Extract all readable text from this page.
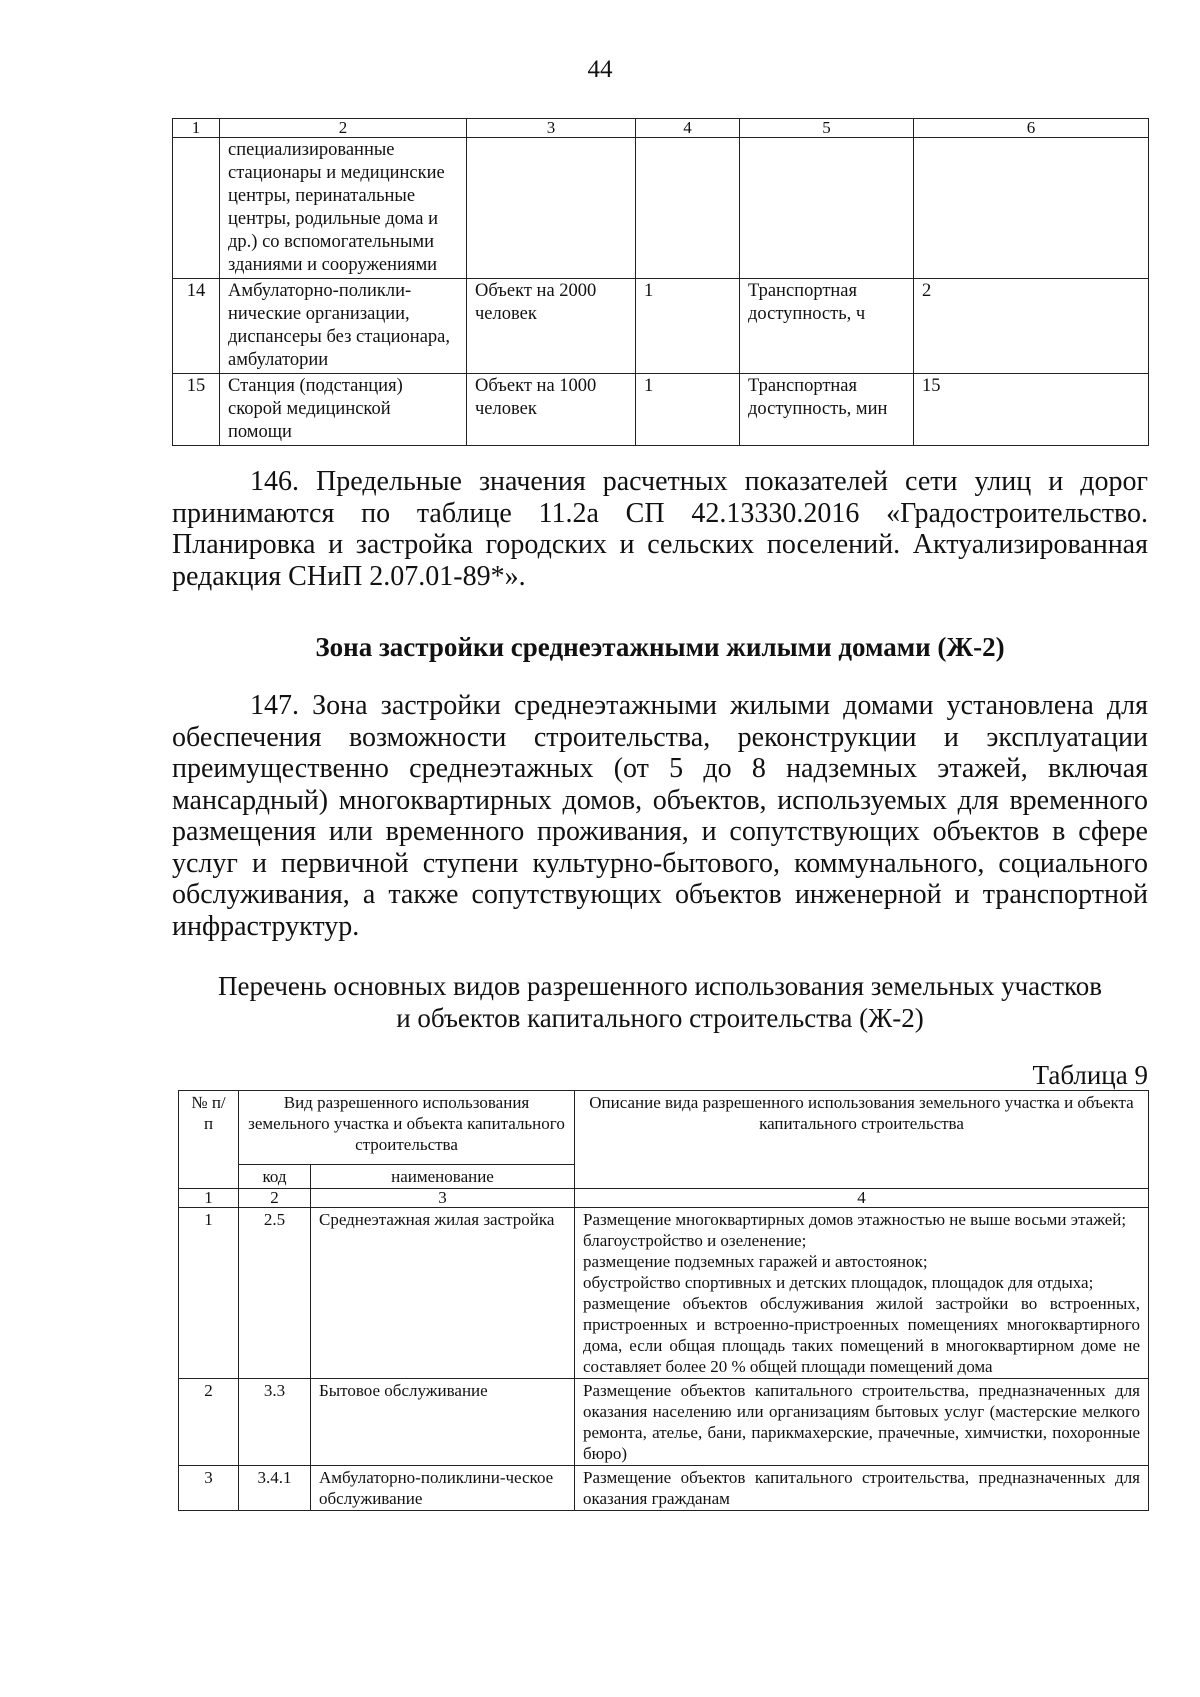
44
1	2	3	4	5	6
	специализированные стационары и медицинские центры, перинатальные центры, родильные дома и др.) со вспомогательными зданиями и сооружениями				
14	Амбулаторно-поликли-нические организации, диспансеры без стационара, амбулатории	Объект на 2000 человек	1	Транспортная доступность, ч	2
15	Станция (подстанция) скорой медицинской помощи	Объект на 1000 человек	1	Транспортная доступность, мин	15

146. Предельные значения расчетных показателей сети улиц и дорог принимаются по таблице 11.2а СП 42.13330.2016 «Градостроительство. Планировка и застройка городских и сельских поселений. Актуализированная редакция СНиП 2.07.01-89*».

Зона застройки среднеэтажными жилыми домами (Ж-2)

147. Зона застройки среднеэтажными жилыми домами установлена для обеспечения возможности строительства, реконструкции и эксплуатации преимущественно среднеэтажных (от 5 до 8 надземных этажей, включая мансардный) многоквартирных домов, объектов, используемых для временного размещения или временного проживания, и сопутствующих объектов в сфере услуг и первичной ступени культурно-бытового, коммунального, социального обслуживания, а также сопутствующих объектов инженерной и транспортной инфраструктур.

Перечень основных видов разрешенного использования земельных участков
и объектов капитального строительства (Ж-2)
Таблица 9
№ п/п	Вид разрешенного использования земельного участка и объекта капитального строительства		Описание вида разрешенного использования земельного участка и объекта капитального строительства
	код	наименование	
1	2	3	4
1	2.5	Среднеэтажная жилая застройка	Размещение многоквартирных домов этажностью не выше восьми этажей;
благоустройство и озеленение;
размещение подземных гаражей и автостоянок;
обустройство спортивных и детских площадок, площадок для отдыха;
размещение объектов обслуживания жилой застройки во встроенных, пристроенных и встроенно-пристроенных помещениях многоквартирного дома, если общая площадь таких помещений в многоквартирном доме не составляет более 20 % общей площади помещений дома

2	3.3	Бытовое обслуживание	Размещение объектов капитального строительства, предназначенных для оказания населению или организациям бытовых услуг (мастерские мелкого ремонта, ателье, бани, парикмахерские, прачечные, химчистки, похоронные бюро)

3	3.4.1	Амбулаторно-поликлини-ческое обслуживание	Размещение объектов капитального строительства, предназначенных для оказания гражданам
